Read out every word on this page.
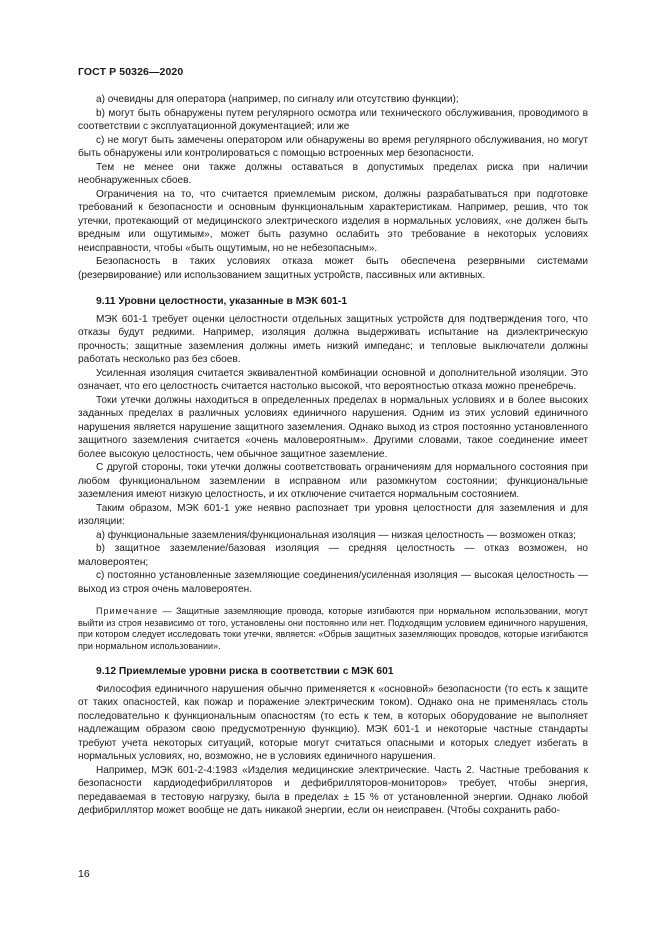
ГОСТ Р 50326—2020

а) очевидны для оператора (например, по сигналу или отсутствию функции);

b) могут быть обнаружены путем регулярного осмотра или технического обслуживания, проводимого в соответствии с эксплуатационной документацией; или же

с) не могут быть замечены оператором или обнаружены во время регулярного обслуживания, но могут быть обнаружены или контролироваться с помощью встроенных мер безопасности.

Тем не менее они также должны оставаться в допустимых пределах риска при наличии необнаруженных сбоев.

Ограничения на то, что считается приемлемым риском, должны разрабатываться при подготовке требований к безопасности и основным функциональным характеристикам. Например, решив, что ток утечки, протекающий от медицинского электрического изделия в нормальных условиях, «не должен быть вредным или ощутимым», может быть разумно ослабить это требование в некоторых условиях неисправности, чтобы «быть ощутимым, но не небезопасным».

Безопасность в таких условиях отказа может быть обеспечена резервными системами (резервирование) или использованием защитных устройств, пассивных или активных.

9.11 Уровни целостности, указанные в МЭК 601-1

МЭК 601-1 требует оценки целостности отдельных защитных устройств для подтверждения того, что отказы будут редкими. Например, изоляция должна выдерживать испытание на диэлектрическую прочность; защитные заземления должны иметь низкий импеданс; и тепловые выключатели должны работать несколько раз без сбоев.

Усиленная изоляция считается эквивалентной комбинации основной и дополнительной изоляции. Это означает, что его целостность считается настолько высокой, что вероятностью отказа можно пренебречь.

Токи утечки должны находиться в определенных пределах в нормальных условиях и в более высоких заданных пределах в различных условиях единичного нарушения. Одним из этих условий единичного нарушения является нарушение защитного заземления. Однако выход из строя постоянно установленного защитного заземления считается «очень маловероятным». Другими словами, такое соединение имеет более высокую целостность, чем обычное защитное заземление.

С другой стороны, токи утечки должны соответствовать ограничениям для нормального состояния при любом функциональном заземлении в исправном или разомкнутом состоянии; функциональные заземления имеют низкую целостность, и их отключение считается нормальным состоянием.

Таким образом, МЭК 601-1 уже неявно распознает три уровня целостности для заземления и для изоляции:

а) функциональные заземления/функциональная изоляция — низкая целостность — возможен отказ;

b) защитное заземление/базовая изоляция — средняя целостность — отказ возможен, но маловероятен;

с) постоянно установленные заземляющие соединения/усиленная изоляция — высокая целостность — выход из строя очень маловероятен.

Примечание — Защитные заземляющие провода, которые изгибаются при нормальном использовании, могут выйти из строя независимо от того, установлены они постоянно или нет. Подходящим условием единичного нарушения, при котором следует исследовать токи утечки, является: «Обрыв защитных заземляющих проводов, которые изгибаются при нормальном использовании».

9.12 Приемлемые уровни риска в соответствии с МЭК 601

Философия единичного нарушения обычно применяется к «основной» безопасности (то есть к защите от таких опасностей, как пожар и поражение электрическим током). Однако она не применялась столь последовательно к функциональным опасностям (то есть к тем, в которых оборудование не выполняет надлежащим образом свою предусмотренную функцию). МЭК 601-1 и некоторые частные стандарты требуют учета некоторых ситуаций, которые могут считаться опасными и которых следует избегать в нормальных условиях, но, возможно, не в условиях единичного нарушения.

Например, МЭК 601-2-4:1983 «Изделия медицинские электрические. Часть 2. Частные требования к безопасности кардиодефибрилляторов и дефибрилляторов-мониторов» требует, чтобы энергия, передаваемая в тестовую нагрузку, была в пределах ± 15 % от установленной энергии. Однако любой дефибриллятор может вообще не дать никакой энергии, если он неисправен. (Чтобы сохранить рабо-

16
